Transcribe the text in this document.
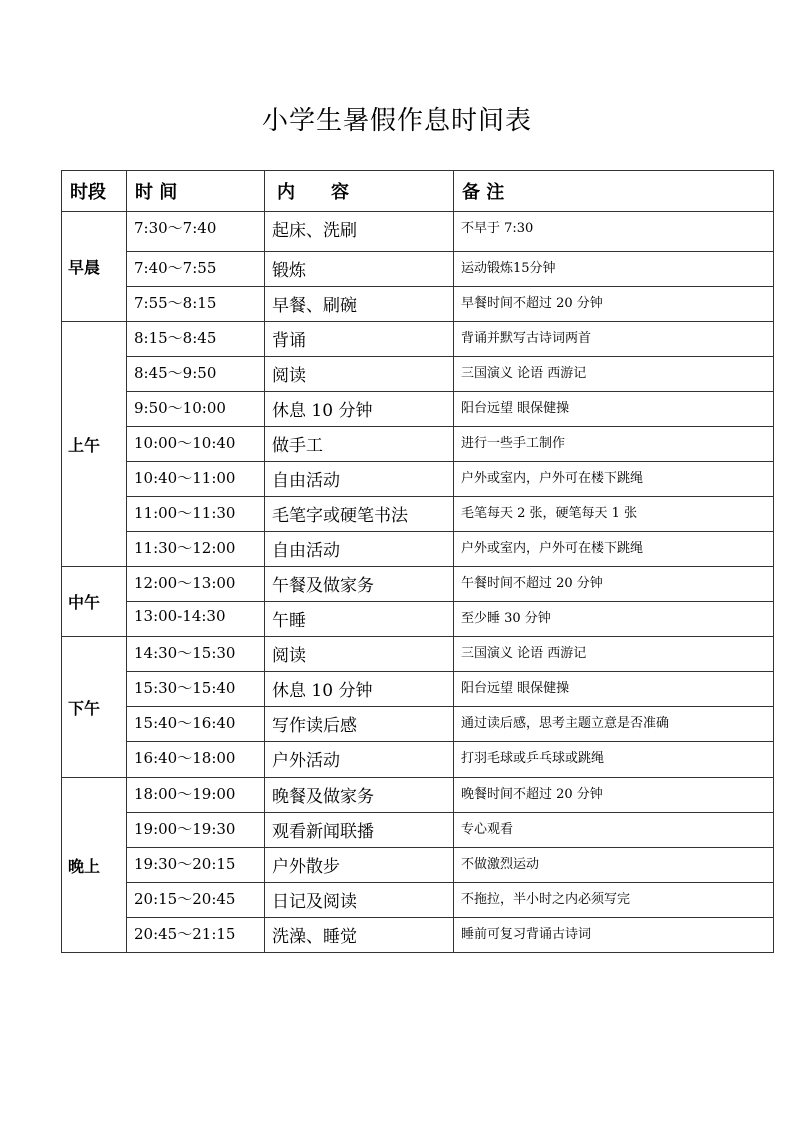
小学生暑假作息时间表
时段	时 间	内　　容	备 注
早晨	7:30～7:40	起床、洗刷	不早于 7:30
	7:40～7:55	锻炼	运动锻炼15分钟
	7:55～8:15	早餐、刷碗	早餐时间不超过 20 分钟
上午	8:15～8:45	背诵	背诵并默写古诗词两首
	8:45～9:50	阅读	三国演义 论语 西游记
	9:50～10:00	休息 10 分钟	阳台远望 眼保健操
	10:00～10:40	做手工	进行一些手工制作
	10:40～11:00	自由活动	户外或室内，户外可在楼下跳绳
	11:00～11:30	毛笔字或硬笔书法	毛笔每天 2 张，硬笔每天 1 张
	11:30～12:00	自由活动	户外或室内，户外可在楼下跳绳
中午	12:00～13:00	午餐及做家务	午餐时间不超过 20 分钟
	13:00-14:30	午睡	至少睡 30 分钟
下午	14:30～15:30	阅读	三国演义 论语 西游记
	15:30～15:40	休息 10 分钟	阳台远望 眼保健操
	15:40～16:40	写作读后感	通过读后感，思考主题立意是否准确
	16:40～18:00	户外活动	打羽毛球或乒乓球或跳绳
晚上	18:00～19:00	晚餐及做家务	晚餐时间不超过 20 分钟
	19:00～19:30	观看新闻联播	专心观看
	19:30～20:15	户外散步	不做激烈运动
	20:15～20:45	日记及阅读	不拖拉，半小时之内必须写完
	20:45～21:15	洗澡、睡觉	睡前可复习背诵古诗词
